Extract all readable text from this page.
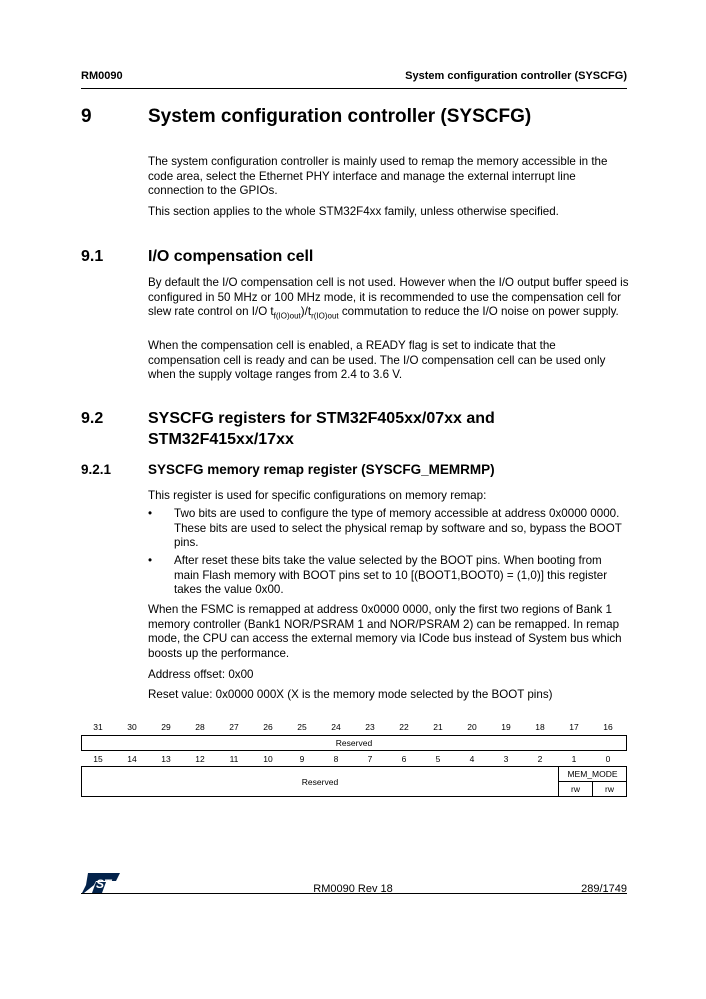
RM0090	System configuration controller (SYSCFG)
9	System configuration controller (SYSCFG)
The system configuration controller is mainly used to remap the memory accessible in the code area, select the Ethernet PHY interface and manage the external interrupt line connection to the GPIOs.
This section applies to the whole STM32F4xx family, unless otherwise specified.
9.1	I/O compensation cell
By default the I/O compensation cell is not used. However when the I/O output buffer speed is configured in 50 MHz or 100 MHz mode, it is recommended to use the compensation cell for slew rate control on I/O $t_{f(IO)out})/t_{r(IO)out}$ commutation to reduce the I/O noise on power supply.
When the compensation cell is enabled, a READY flag is set to indicate that the compensation cell is ready and can be used. The I/O compensation cell can be used only when the supply voltage ranges from 2.4 to 3.6 V.
9.2	SYSCFG registers for STM32F405xx/07xx and
STM32F415xx/17xx
9.2.1	SYSCFG memory remap register (SYSCFG_MEMRMP)
This register is used for specific configurations on memory remap:
• Two bits are used to configure the type of memory accessible at address 0x0000 0000. These bits are used to select the physical remap by software and so, bypass the BOOT pins.
• After reset these bits take the value selected by the BOOT pins. When booting from main Flash memory with BOOT pins set to 10 [(BOOT1,BOOT0) = (1,0)] this register takes the value 0x00.
When the FSMC is remapped at address 0x0000 0000, only the first two regions of Bank 1 memory controller (Bank1 NOR/PSRAM 1 and NOR/PSRAM 2) can be remapped. In remap mode, the CPU can access the external memory via ICode bus instead of System bus which boosts up the performance.
Address offset: 0x00
Reset value: 0x0000 000X (X is the memory mode selected by the BOOT pins)
31	30	29	28	27	26	25	24	23	22	21	20	19	18	17	16
Reserved
15	14	13	12	11	10	9	8	7	6	5	4	3	2	1	0
Reserved
MEM_MODE
rw	rw
ST	RM0090 Rev 18	289/1749
